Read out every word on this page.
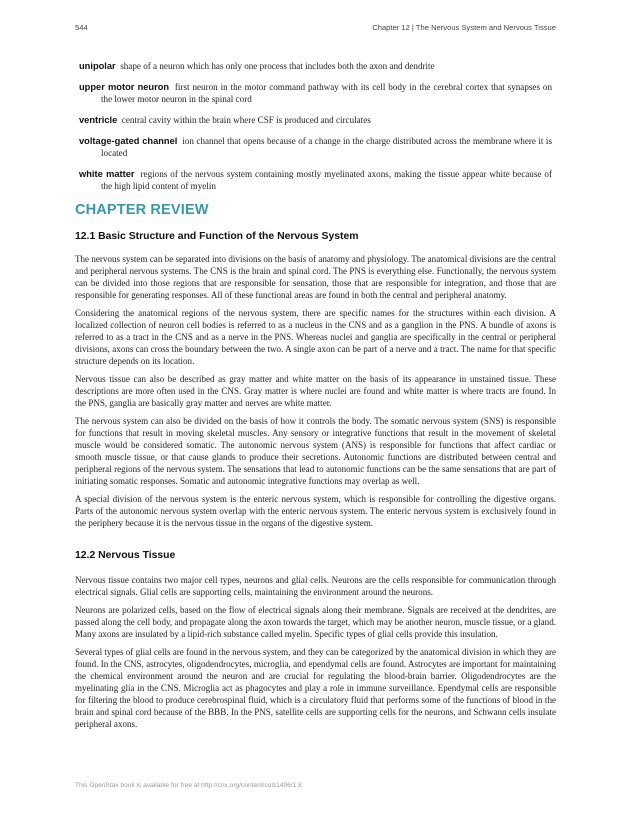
544	Chapter 12 | The Nervous System and Nervous Tissue
unipolar shape of a neuron which has only one process that includes both the axon and dendrite
upper motor neuron first neuron in the motor command pathway with its cell body in the cerebral cortex that synapses on the lower motor neuron in the spinal cord
ventricle central cavity within the brain where CSF is produced and circulates
voltage-gated channel ion channel that opens because of a change in the charge distributed across the membrane where it is located
white matter regions of the nervous system containing mostly myelinated axons, making the tissue appear white because of the high lipid content of myelin
CHAPTER REVIEW
12.1 Basic Structure and Function of the Nervous System

The nervous system can be separated into divisions on the basis of anatomy and physiology. The anatomical divisions are the central and peripheral nervous systems. The CNS is the brain and spinal cord. The PNS is everything else. Functionally, the nervous system can be divided into those regions that are responsible for sensation, those that are responsible for integration, and those that are responsible for generating responses. All of these functional areas are found in both the central and peripheral anatomy.

Considering the anatomical regions of the nervous system, there are specific names for the structures within each division. A localized collection of neuron cell bodies is referred to as a nucleus in the CNS and as a ganglion in the PNS. A bundle of axons is referred to as a tract in the CNS and as a nerve in the PNS. Whereas nuclei and ganglia are specifically in the central or peripheral divisions, axons can cross the boundary between the two. A single axon can be part of a nerve and a tract. The name for that specific structure depends on its location.

Nervous tissue can also be described as gray matter and white matter on the basis of its appearance in unstained tissue. These descriptions are more often used in the CNS. Gray matter is where nuclei are found and white matter is where tracts are found. In the PNS, ganglia are basically gray matter and nerves are white matter.

The nervous system can also be divided on the basis of how it controls the body. The somatic nervous system (SNS) is responsible for functions that result in moving skeletal muscles. Any sensory or integrative functions that result in the movement of skeletal muscle would be considered somatic. The autonomic nervous system (ANS) is responsible for functions that affect cardiac or smooth muscle tissue, or that cause glands to produce their secretions. Autonomic functions are distributed between central and peripheral regions of the nervous system. The sensations that lead to autonomic functions can be the same sensations that are part of initiating somatic responses. Somatic and autonomic integrative functions may overlap as well.

A special division of the nervous system is the enteric nervous system, which is responsible for controlling the digestive organs. Parts of the autonomic nervous system overlap with the enteric nervous system. The enteric nervous system is exclusively found in the periphery because it is the nervous tissue in the organs of the digestive system.

12.2 Nervous Tissue

Nervous tissue contains two major cell types, neurons and glial cells. Neurons are the cells responsible for communication through electrical signals. Glial cells are supporting cells, maintaining the environment around the neurons.

Neurons are polarized cells, based on the flow of electrical signals along their membrane. Signals are received at the dendrites, are passed along the cell body, and propagate along the axon towards the target, which may be another neuron, muscle tissue, or a gland. Many axons are insulated by a lipid-rich substance called myelin. Specific types of glial cells provide this insulation.

Several types of glial cells are found in the nervous system, and they can be categorized by the anatomical division in which they are found. In the CNS, astrocytes, oligodendrocytes, microglia, and ependymal cells are found. Astrocytes are important for maintaining the chemical environment around the neuron and are crucial for regulating the blood-brain barrier. Oligodendrocytes are the myelinating glia in the CNS. Microglia act as phagocytes and play a role in immune surveillance. Ependymal cells are responsible for filtering the blood to produce cerebrospinal fluid, which is a circulatory fluid that performs some of the functions of blood in the brain and spinal cord because of the BBB. In the PNS, satellite cells are supporting cells for the neurons, and Schwann cells insulate peripheral axons.

This OpenStax book is available for free at http://cnx.org/content/col11496/1.8
